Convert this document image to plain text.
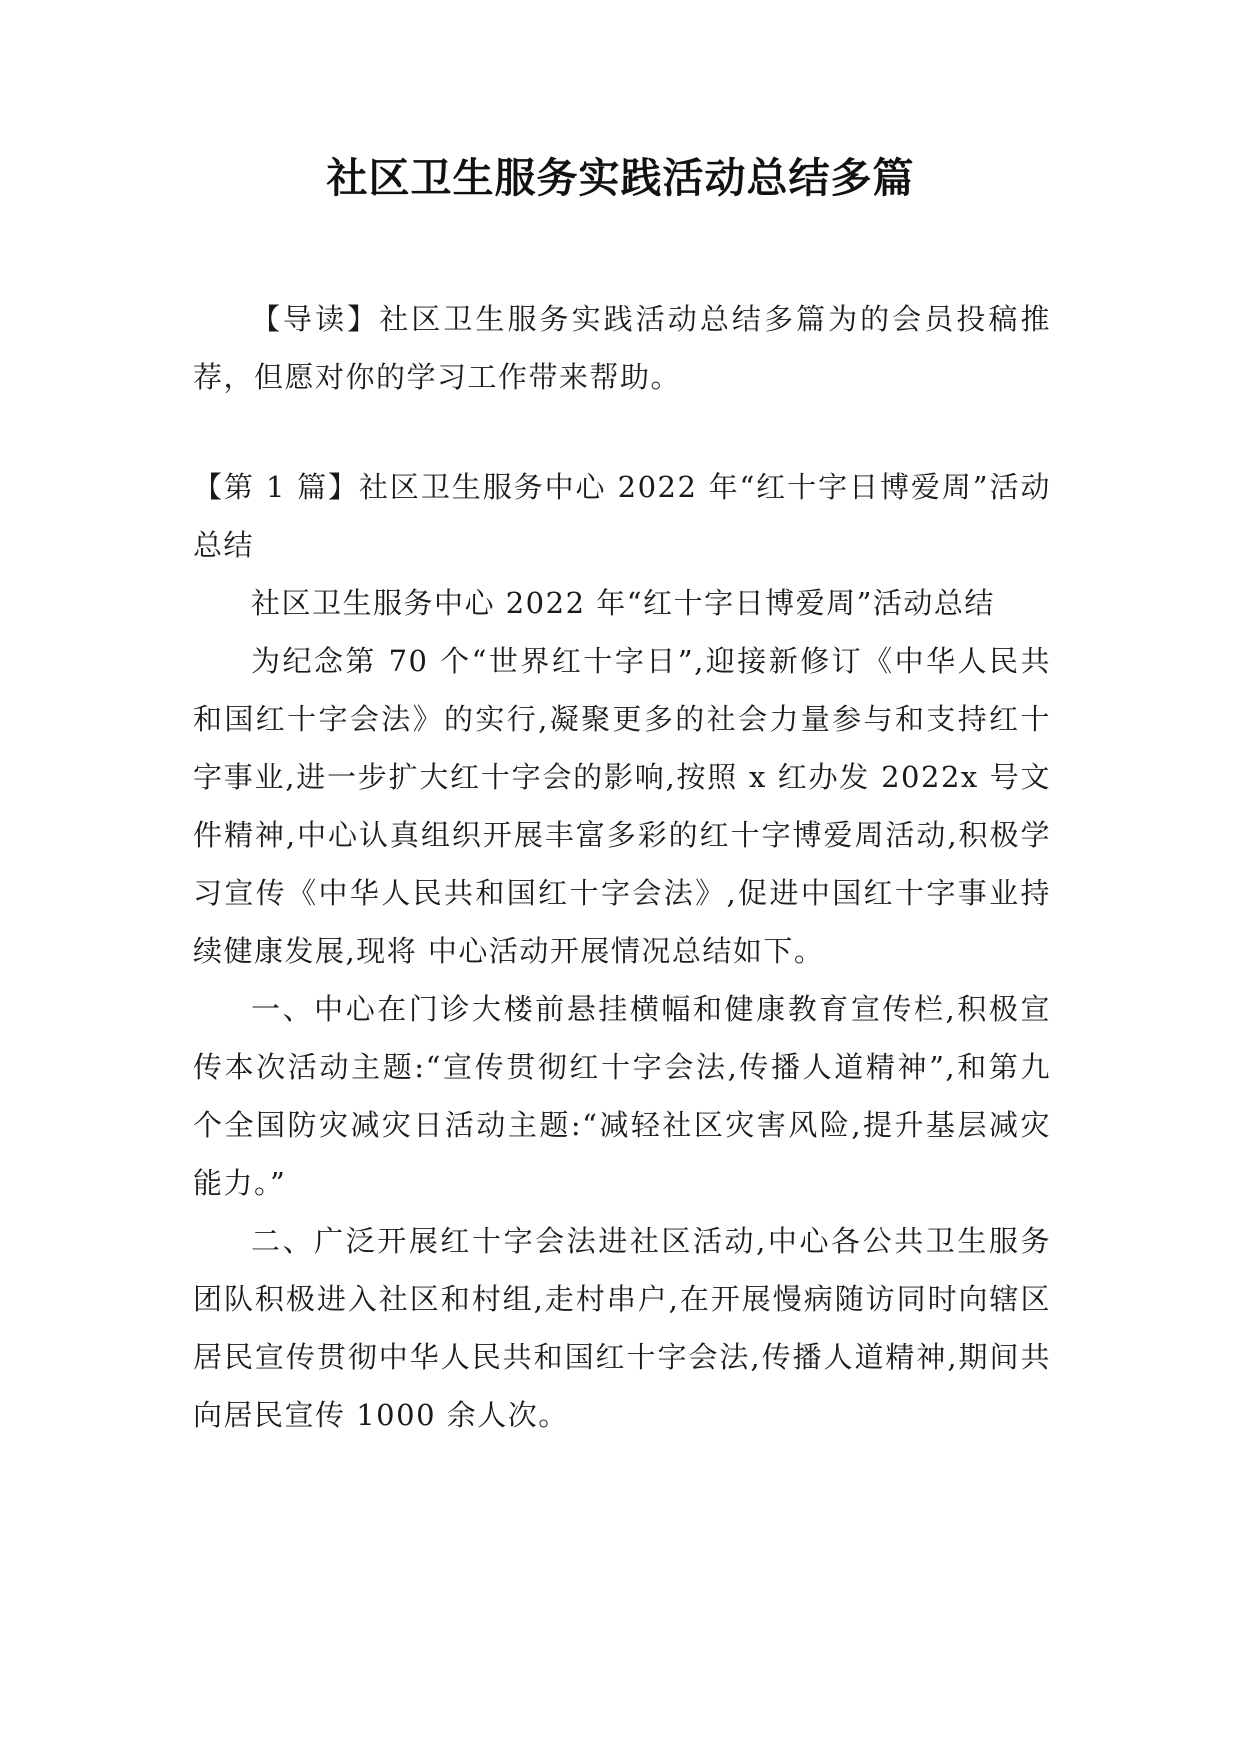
社区卫生服务实践活动总结多篇

【导读】社区卫生服务实践活动总结多篇为的会员投稿推荐，但愿对你的学习工作带来帮助。

【第 1 篇】社区卫生服务中心 2022 年“红十字日博爱周”活动总结

社区卫生服务中心 2022 年“红十字日博爱周”活动总结

为纪念第 70 个“世界红十字日”,迎接新修订《中华人民共和国红十字会法》的实行,凝聚更多的社会力量参与和支持红十字事业,进一步扩大红十字会的影响,按照 x 红办发 2022x 号文件精神,中心认真组织开展丰富多彩的红十字博爱周活动,积极学习宣传《中华人民共和国红十字会法》,促进中国红十字事业持续健康发展,现将 中心活动开展情况总结如下。

一、中心在门诊大楼前悬挂横幅和健康教育宣传栏,积极宣传本次活动主题:“宣传贯彻红十字会法,传播人道精神”,和第九个全国防灾减灾日活动主题:“减轻社区灾害风险,提升基层减灾能力。”

二、广泛开展红十字会法进社区活动,中心各公共卫生服务团队积极进入社区和村组,走村串户,在开展慢病随访同时向辖区居民宣传贯彻中华人民共和国红十字会法,传播人道精神,期间共向居民宣传 1000 余人次。
